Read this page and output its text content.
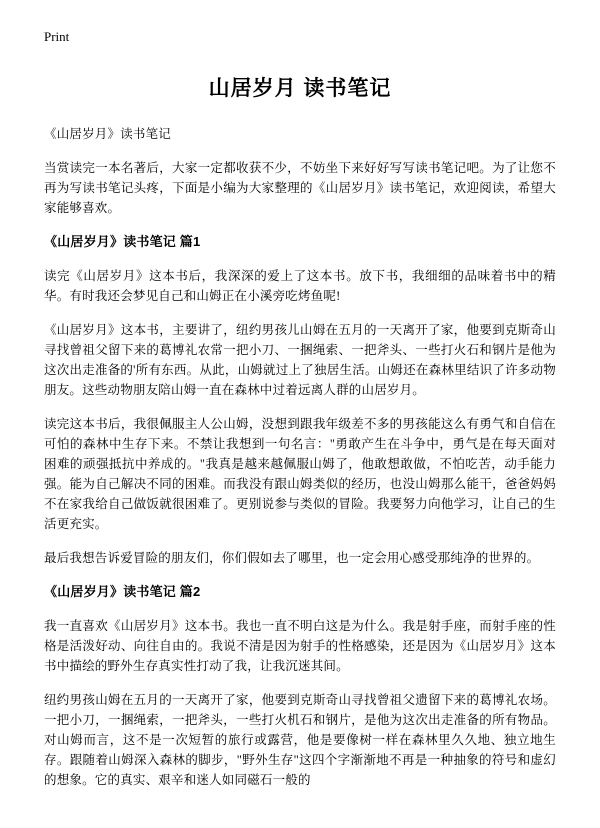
Print
山居岁月 读书笔记

《山居岁月》读书笔记

当赏读完一本名著后，大家一定都收获不少，不妨坐下来好好写写读书笔记吧。为了让您不再为写读书笔记头疼，下面是小编为大家整理的《山居岁月》读书笔记，欢迎阅读，希望大家能够喜欢。

《山居岁月》读书笔记 篇1

读完《山居岁月》这本书后，我深深的爱上了这本书。放下书，我细细的品味着书中的精华。有时我还会梦见自己和山姆正在小溪旁吃烤鱼呢!

《山居岁月》这本书，主要讲了，纽约男孩儿山姆在五月的一天离开了家，他要到克斯奇山寻找曾祖父留下来的葛博礼农常一把小刀、一捆绳索、一把斧头、一些打火石和钢片是他为这次出走准备的'所有东西。从此，山姆就过上了独居生活。山姆还在森林里结识了许多动物朋友。这些动物朋友陪山姆一直在森林中过着远离人群的山居岁月。

读完这本书后，我很佩服主人公山姆，没想到跟我年级差不多的男孩能这么有勇气和自信在可怕的森林中生存下来。不禁让我想到一句名言："勇敢产生在斗争中，勇气是在每天面对困难的顽强抵抗中养成的。"我真是越来越佩服山姆了，他敢想敢做，不怕吃苦，动手能力强。能为自己解决不同的困难。而我没有跟山姆类似的经历，也没山姆那么能干，爸爸妈妈不在家我给自己做饭就很困难了。更别说参与类似的冒险。我要努力向他学习，让自己的生活更充实。

最后我想告诉爱冒险的朋友们，你们假如去了哪里，也一定会用心感受那纯净的世界的。

《山居岁月》读书笔记 篇2

我一直喜欢《山居岁月》这本书。我也一直不明白这是为什么。我是射手座，而射手座的性格是活泼好动、向往自由的。我说不清是因为射手的性格感染，还是因为《山居岁月》这本书中描绘的野外生存真实性打动了我，让我沉迷其间。

纽约男孩山姆在五月的一天离开了家，他要到克斯奇山寻找曾祖父遗留下来的葛博礼农场。一把小刀，一捆绳索，一把斧头，一些打火机石和钢片，是他为这次出走准备的所有物品。对山姆而言，这不是一次短暂的旅行或露营，他是要像树一样在森林里久久地、独立地生存。跟随着山姆深入森林的脚步，"野外生存"这四个字渐渐地不再是一种抽象的符号和虚幻的想象。它的真实、艰辛和迷人如同磁石一般的
